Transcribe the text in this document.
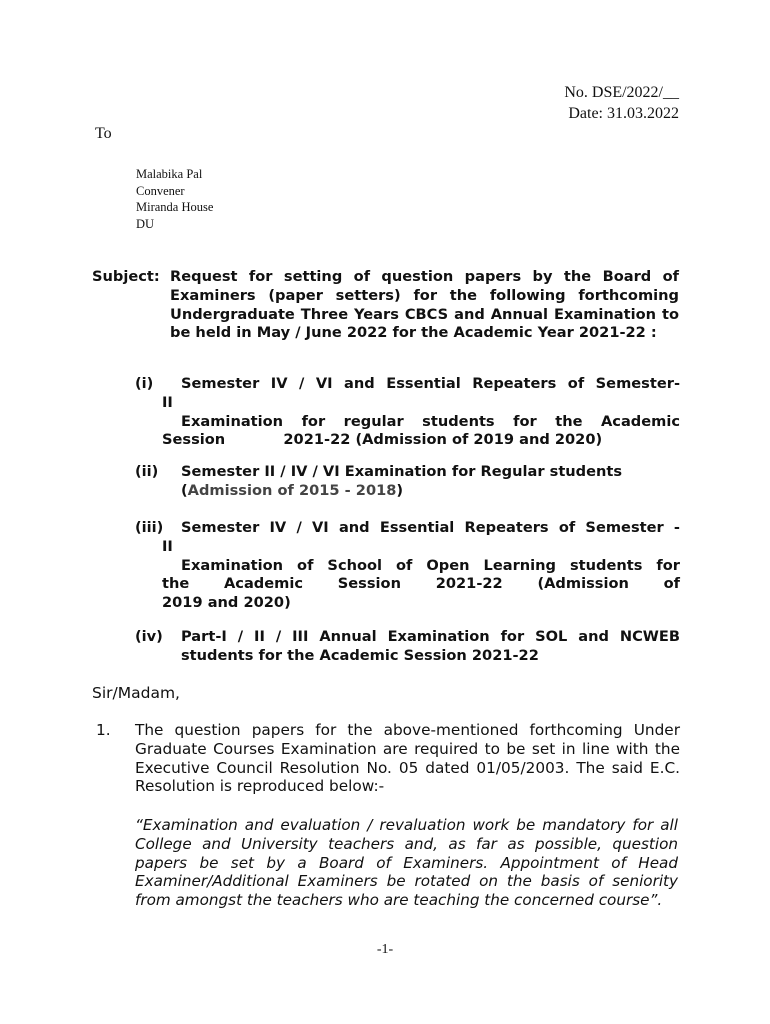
No. DSE/2022/__
Date: 31.03.2022
To
Malabika Pal
Convener
Miranda House
DU
Subject: Request for setting of question papers by the Board of Examiners (paper setters) for the following forthcoming Undergraduate Three Years CBCS and Annual Examination to be held in May / June 2022 for the Academic Year 2021-22 :
(i) Semester IV / VI and Essential Repeaters of Semester-
II
Examination for regular students for the Academic
Session	2021-22 (Admission of 2019 and 2020)
(ii) Semester II / IV / VI Examination for Regular students
(Admission of 2015 - 2018)
(iii) Semester IV / VI and Essential Repeaters of Semester -
II
Examination of School of Open Learning students for
the Academic Session 2021-22 (Admission of
2019 and 2020)
(iv) Part-I / II / III Annual Examination for SOL and NCWEB
students for the Academic Session 2021-22
Sir/Madam,
1. The question papers for the above-mentioned forthcoming Under Graduate Courses Examination are required to be set in line with the Executive Council Resolution No. 05 dated 01/05/2003. The said E.C. Resolution is reproduced below:-
“Examination and evaluation / revaluation work be mandatory for all College and University teachers and, as far as possible, question papers be set by a Board of Examiners. Appointment of Head Examiner/Additional Examiners be rotated on the basis of seniority from amongst the teachers who are teaching the concerned course”.
-1-
